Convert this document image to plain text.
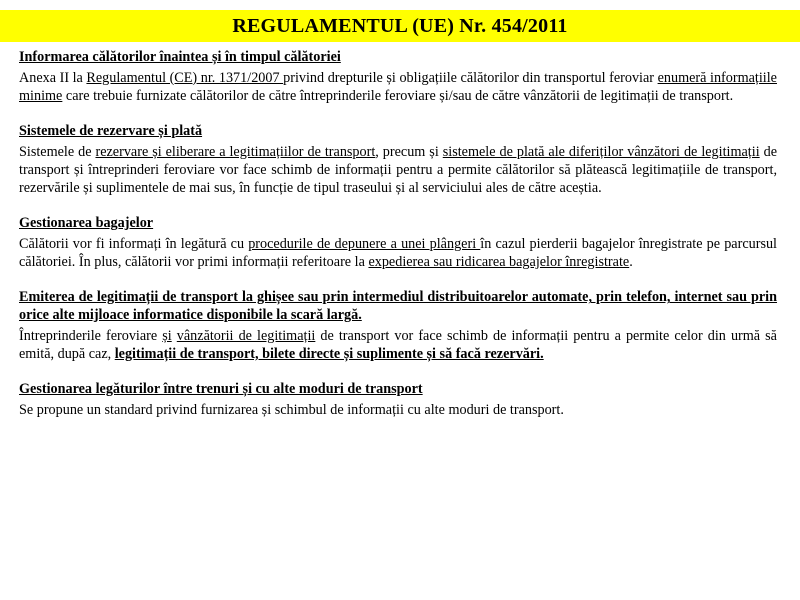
REGULAMENTUL (UE) Nr. 454/2011

Informarea călătorilor înaintea și în timpul călătoriei

Anexa II la Regulamentul (CE) nr. 1371/2007 privind drepturile și obligațiile călătorilor din transportul feroviar enumeră informațiile minime care trebuie furnizate călătorilor de către întreprinderile feroviare și/sau de către vânzătorii de legitimații de transport.

Sistemele de rezervare și plată

Sistemele de rezervare și eliberare a legitimațiilor de transport, precum și sistemele de plată ale diferiților vânzători de legitimații de transport și întreprinderi feroviare vor face schimb de informații pentru a permite călătorilor să plătească legitimațiile de transport, rezervările și suplimentele de mai sus, în funcție de tipul traseului și al serviciului ales de către aceștia.

Gestionarea bagajelor

Călătorii vor fi informați în legătură cu procedurile de depunere a unei plângeri în cazul pierderii bagajelor înregistrate pe parcursul călătoriei. În plus, călătorii vor primi informații referitoare la expedierea sau ridicarea bagajelor înregistrate.

Emiterea de legitimații de transport la ghișee sau prin intermediul distribuitoarelor automate, prin telefon, internet sau prin orice alte mijloace informatice disponibile la scară largă.

Întreprinderile feroviare și vânzătorii de legitimații de transport vor face schimb de informații pentru a permite celor din urmă să emită, după caz, legitimații de transport, bilete directe și suplimente și să facă rezervări.

Gestionarea legăturilor între trenuri și cu alte moduri de transport

Se propune un standard privind furnizarea și schimbul de informații cu alte moduri de transport.
